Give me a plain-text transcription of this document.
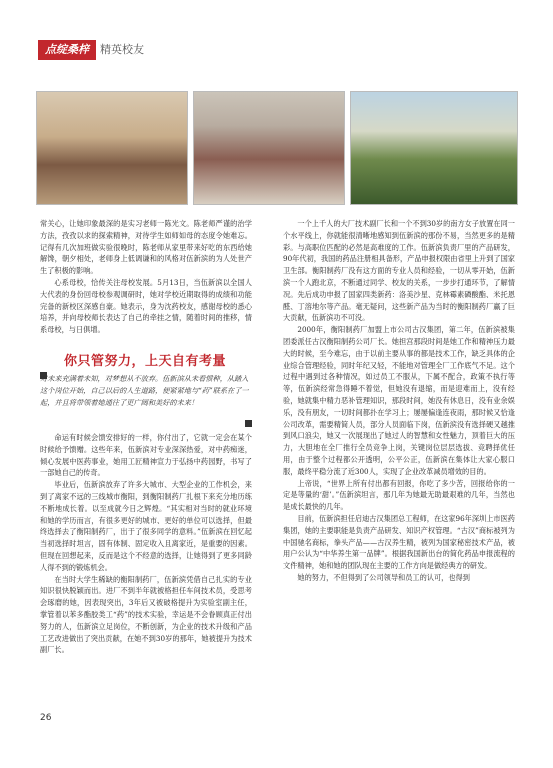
点绽桑梓	精英校友

常关心，让她印象最深的是实习老师一陈光文。陈老师严谨的治学方法，孜孜以求的探索精神，对待学生如师如母的态度令她难忘。记得有几次加班做实验很晚时，陈老师从家里带来好吃的东西给她解馋，朝夕相处，老师身上低调谦和的风格对伍新滨的为人处世产生了积极的影响。

心系母校，恰传关注母校发展。5月13日，当伍新滨以全国人大代表的身份回母校参观调研时，她对学校近期取得的成绩和功能完备的新校区深感自豪。她表示，身为沈药校友，感谢母校的悉心培养，并向母校师长表达了自己的牵挂之情，随着时间的推移，情系母校，与日俱增。

你只管努力，上天自有考量
对未来充满着未知，对梦想从不放弃。伍新滨从未看惯种，从踏入这个岗位开始，自己以后的人生道路，便紧紧地与“药”联系在了一起，并且将带领着她通往了更广阔和美好的未来！

命运有时候会馈安排好的一样，你付出了，它就一定会在某个时候给予馈赠。这些年来，伍新滨对专业深深热爱，对中药痴迷，倾心发展中医药事业，她用工匠精神宣力于弘扬中药园野，书写了一部她自己的传奇。

毕业后，伍新滨放弃了许多大城市、大型企业的工作机会，来到了离家不远的三线城市衡阳，到衡阳制药厂扎根下来充分地历练不断地成长着。以至成就今日之辉煌。“其实相对当时的就业环境和她的学历而言，有很多更好的城市、更好的单位可以选择，但最终选择去了衡阳制药厂，出于了很多同学的意料。”伍新滨在回忆起当初选择时坦言，固有体制、固定收入且离家近，是重要的因素。但现在回想起来，反而是这个不经意的选择，让她得到了更多同龄人得不到的锻炼机会。

在当时大学生稀缺的衡阳制药厂，伍新滨凭借自己扎实的专业知识很快脱颖而出。进厂不到半年就被格担任车间技术员，受思考会琢磨的她，因表现突出，3年后又被破格提升为实验室副主任，掌管着以苯多酯胶类工“药”的技术实验，幸运是不会眷顾真正付出努力的人，伍新滨立足岗位，不断创新，为企业的技术升级和产品工艺改进做出了突出贡献，在她不到30岁的那年，她被提升为技术副厂长。

一个上千人的大厂技术副厂长和一个不到30岁的南方女子放置在同一个水平线上，你就能很清晰地感知到伍新滨的那份不易，当然更多的是精彩。与高职位匹配的必然是高难度的工作。伍新滨负责厂里的产品研发，90年代初，我国的药品注册相具备形，产品申报权限由省里上升到了国家卫生部。衡阳制药厂没有这方面的专业人员和经验，一切从零开始，伍新滨一个人跑北京，不断通过同学、校友的关系，一步步打通环节，了解情况。先后成功申报了国家四类新药：洛美沙星、克林霉素磷酸酯、米托恩醛、丁溶地尔等产品。毫无疑问，这些新产品为当时的衡阳制药厂赢了巨大贡献，伍新滨功不可没。

2000年，衡阳制药厂加盟上市公司古汉集团，第二年，伍新滨被集团委派任古汉衡阳制药公司厂长。她担宫那段时间是她工作和精神压力最大的时候，至今难忘，由于以前主要从事的都是技术工作，缺乏具体的企业综合管理经验，同时年纪又轻，不能地对管理全厂工作底气不足。这个过程中遇到过各种情况，如过员工不服从，下属不配合，政策不执行等等，伍新滨经常急得睡不着觉，但她没有退缩，而是迎难而上，没有经验，她就集中精力恶补管理知识，那段时间，她没有休息日，没有业余娱乐，没有朋友，一切时间都扑在学习上；屡屡偏逢连夜雨，那时候又恰逢公司改革，需要精简人员，部分人员面临下岗，伍新滨没有选择硬又越推到风口浪尖，她又一次展现出了她过人的智慧和女性魅力，顶着巨大的压力，大胆地在全厂推行全员竞争上岗，关键岗位层层选拔、竞聘择优任用，由于整个过程都公开透明，公平公正，伍新滨在集体让大家心服口服，最终平稳分流了近300人，实现了企业改革减员增效的目的。

上帝说，“世界上所有付出都有回报，你吃了多少苦，回报给你的一定是等量的‘甜’。”伍新滨坦言，那几年为她最无助最艰难的几年，当然也是成长最快的几年。

目前，伍新滨担任启迪古汉集团总工程师，在这家96年深圳上市医药集团，她的主要职能是负责产品研发、知识产权管理。“古汉”商标被列为中国驰名商标，拳头产品——古汉养生精，被列为国家秘密技术产品，被用户公认为“中华养生第一品牌”。根据我国新出台的简化药品申报流程的文件精神，她和她的团队现在主要的工作方向是做经典方的研发。

她的努力，不但得到了公司领导和员工的认可，也得到

26
